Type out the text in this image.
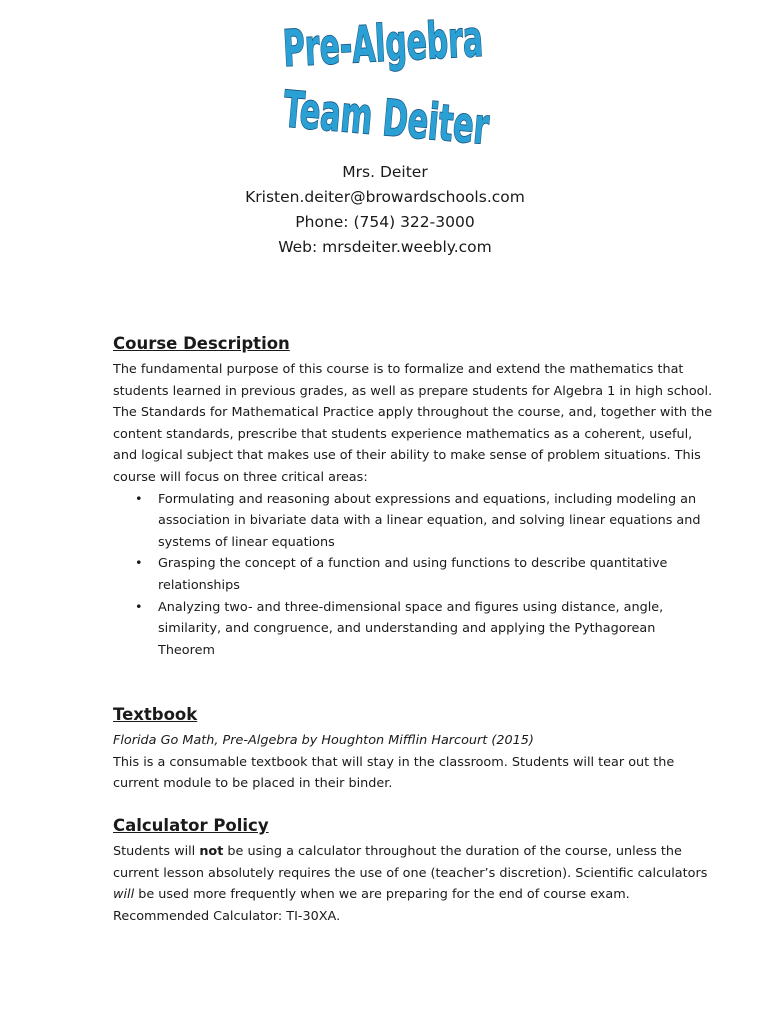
Pre-Algebra
Team Deiter
Mrs. Deiter
Kristen.deiter@browardschools.com
Phone: (754) 322-3000
Web: mrsdeiter.weebly.com
Course Description

The fundamental purpose of this course is to formalize and extend the mathematics that students learned in previous grades, as well as prepare students for Algebra 1 in high school. The Standards for Mathematical Practice apply throughout the course, and, together with the content standards, prescribe that students experience mathematics as a coherent, useful, and logical subject that makes use of their ability to make sense of problem situations. This course will focus on three critical areas:

• Formulating and reasoning about expressions and equations, including modeling an association in bivariate data with a linear equation, and solving linear equations and systems of linear equations
• Grasping the concept of a function and using functions to describe quantitative relationships
• Analyzing two- and three-dimensional space and figures using distance, angle, similarity, and congruence, and understanding and applying the Pythagorean Theorem
Textbook

Florida Go Math, Pre-Algebra by Houghton Mifflin Harcourt (2015)

This is a consumable textbook that will stay in the classroom. Students will tear out the current module to be placed in their binder.

Calculator Policy

Students will not be using a calculator throughout the duration of the course, unless the current lesson absolutely requires the use of one (teacher’s discretion). Scientific calculators will be used more frequently when we are preparing for the end of course exam. Recommended Calculator: TI-30XA.
